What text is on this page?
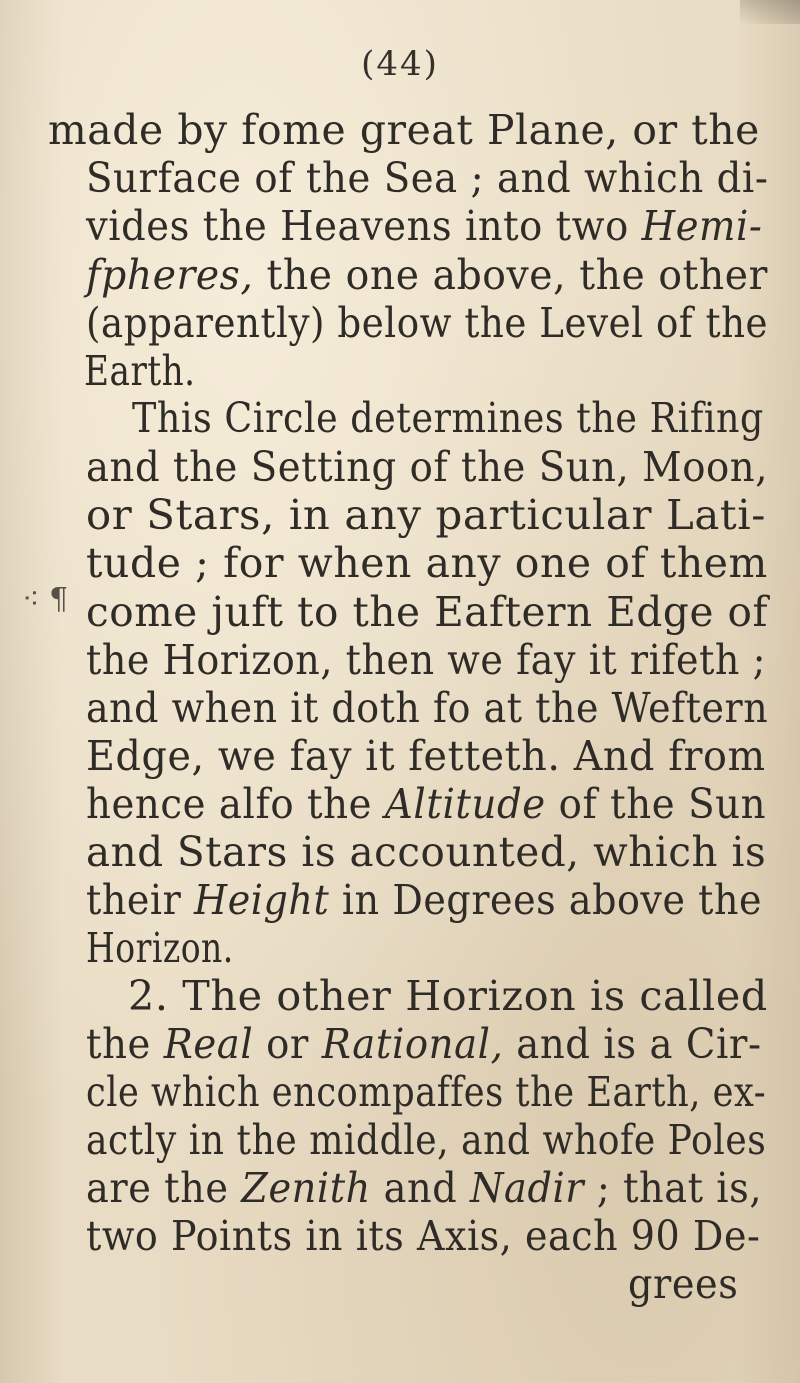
(44)
⁖ ¶
made by fome great Plane, or the
Surface of the Sea ; and which di-
vides the Heavens into two Hemi-
fpheres, the one above, the other
(apparently) below the Level of the
Earth.
This Circle determines the Rifing
and the Setting of the Sun, Moon,
or Stars, in any particular Lati-
tude ; for when any one of them
come juft to the Eaftern Edge of
the Horizon, then we fay it rifeth ;
and when it doth fo at the Weftern
Edge, we fay it fetteth. And from
hence alfo the Altitude of the Sun
and Stars is accounted, which is
their Height in Degrees above the
Horizon.
2. The other Horizon is called
the Real or Rational, and is a Cir-
cle which encompaffes the Earth, ex-
actly in the middle, and whofe Poles
are the Zenith and Nadir ; that is,
two Points in its Axis, each 90 De-
grees
